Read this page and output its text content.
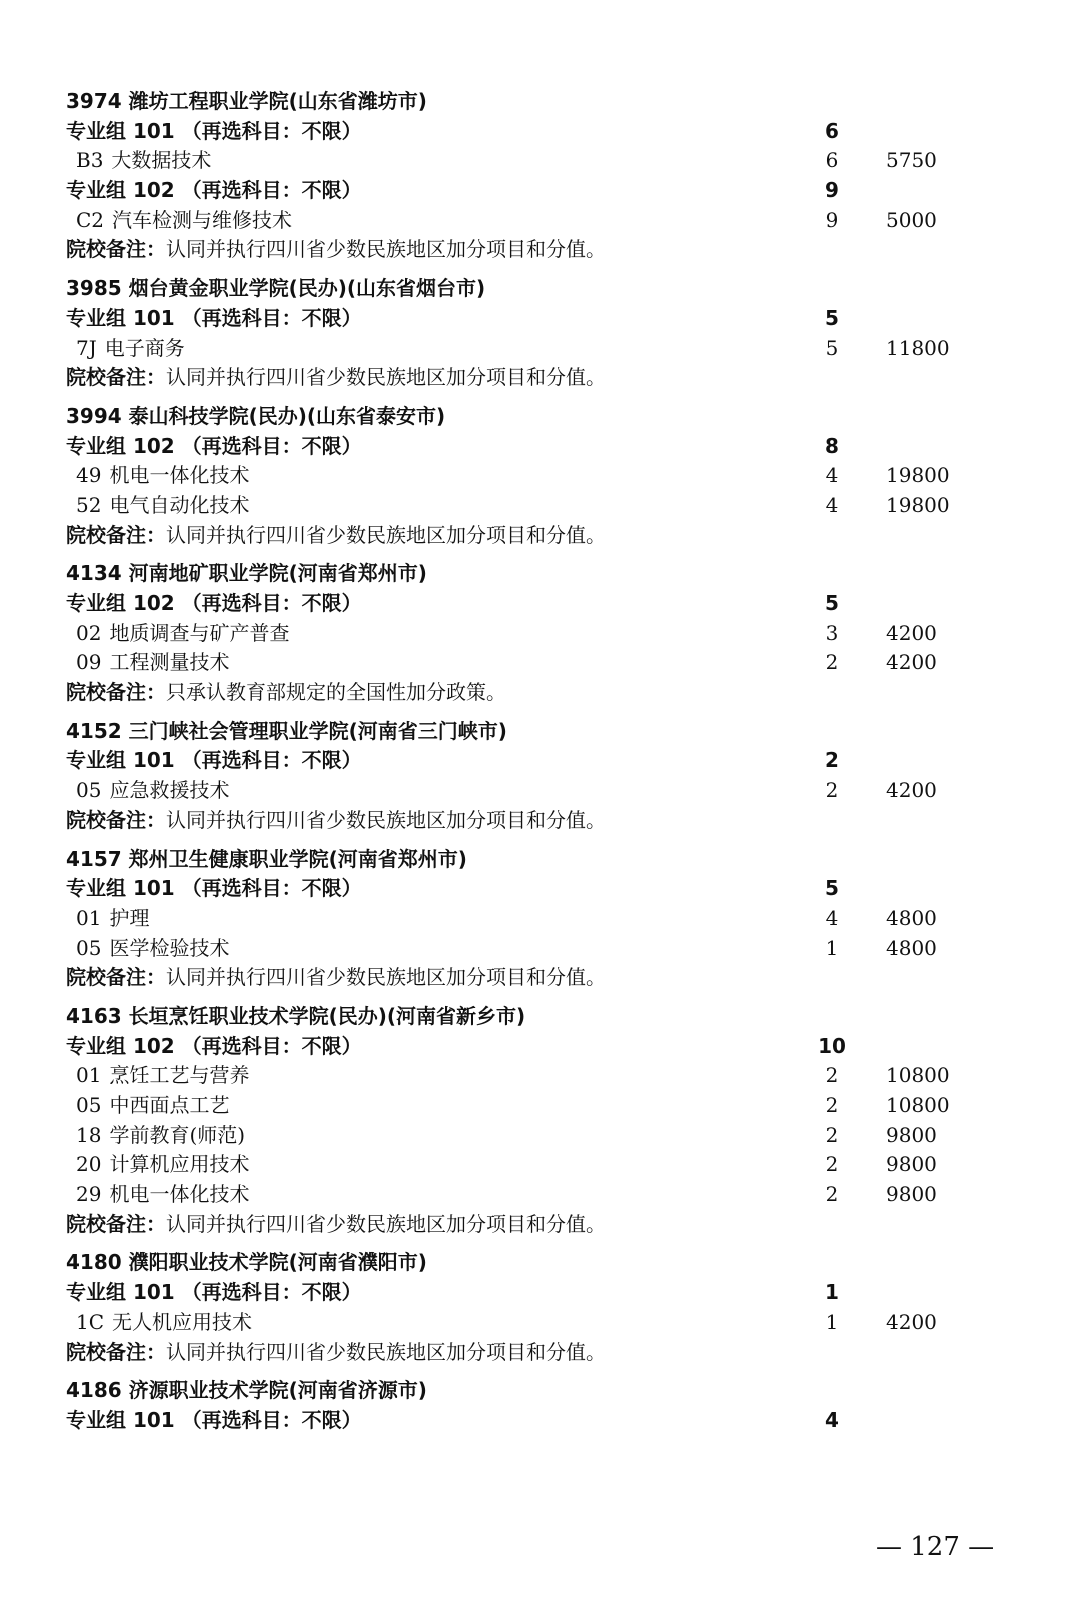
3974 潍坊工程职业学院(山东省潍坊市)
专业组 101 （再选科目：不限）	6
B3 大数据技术	6	5750
专业组 102 （再选科目：不限）	9
C2 汽车检测与维修技术	9	5000
院校备注：认同并执行四川省少数民族地区加分项目和分值。
3985 烟台黄金职业学院(民办)(山东省烟台市)
专业组 101 （再选科目：不限）	5
7J 电子商务	5	11800
院校备注：认同并执行四川省少数民族地区加分项目和分值。
3994 泰山科技学院(民办)(山东省泰安市)
专业组 102 （再选科目：不限）	8
49 机电一体化技术	4	19800
52 电气自动化技术	4	19800
院校备注：认同并执行四川省少数民族地区加分项目和分值。
4134 河南地矿职业学院(河南省郑州市)
专业组 102 （再选科目：不限）	5
02 地质调查与矿产普查	3	4200
09 工程测量技术	2	4200
院校备注：只承认教育部规定的全国性加分政策。
4152 三门峡社会管理职业学院(河南省三门峡市)
专业组 101 （再选科目：不限）	2
05 应急救援技术	2	4200
院校备注：认同并执行四川省少数民族地区加分项目和分值。
4157 郑州卫生健康职业学院(河南省郑州市)
专业组 101 （再选科目：不限）	5
01 护理	4	4800
05 医学检验技术	1	4800
院校备注：认同并执行四川省少数民族地区加分项目和分值。
4163 长垣烹饪职业技术学院(民办)(河南省新乡市)
专业组 102 （再选科目：不限）	10
01 烹饪工艺与营养	2	10800
05 中西面点工艺	2	10800
18 学前教育(师范)	2	9800
20 计算机应用技术	2	9800
29 机电一体化技术	2	9800
院校备注：认同并执行四川省少数民族地区加分项目和分值。
4180 濮阳职业技术学院(河南省濮阳市)
专业组 101 （再选科目：不限）	1
1C 无人机应用技术	1	4200
院校备注：认同并执行四川省少数民族地区加分项目和分值。
4186 济源职业技术学院(河南省济源市)
专业组 101 （再选科目：不限）	4
— 127 —
